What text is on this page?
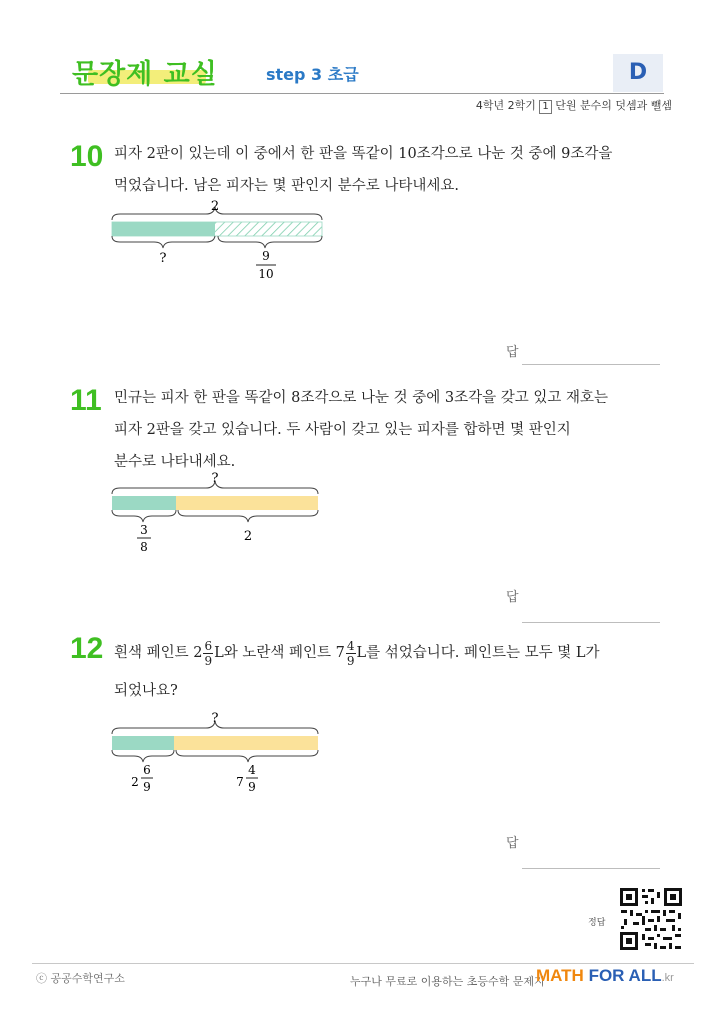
문장제 교실	step 3 초급	D
4학년 2학기 1 단원 분수의 덧셈과 뺄셈
10 피자 2판이 있는데 이 중에서 한 판을 똑같이 10조각으로 나눈 것 중에 9조각을
먹었습니다. 남은 피자는 몇 판인지 분수로 나타내세요.
2
?	9
10
답
11 민규는 피자 한 판을 똑같이 8조각으로 나눈 것 중에 3조각을 갖고 있고 재호는
피자 2판을 갖고 있습니다. 두 사람이 갖고 있는 피자를 합하면 몇 판인지
분수로 나타내세요.
?
3
8
2
답
12 흰색 페인트 $2 \frac{6}{9}$ L와 노란색 페인트 $7 \frac{4}{9}$ L를 섞었습니다. 페인트는 모두 몇 L가
되었나요?
?
2
6
9	7
4
9
답
정답
ⓒ 공공수학연구소	누구나 무료로 이용하는 초등수학 문제지
MATH FOR ALL.kr
